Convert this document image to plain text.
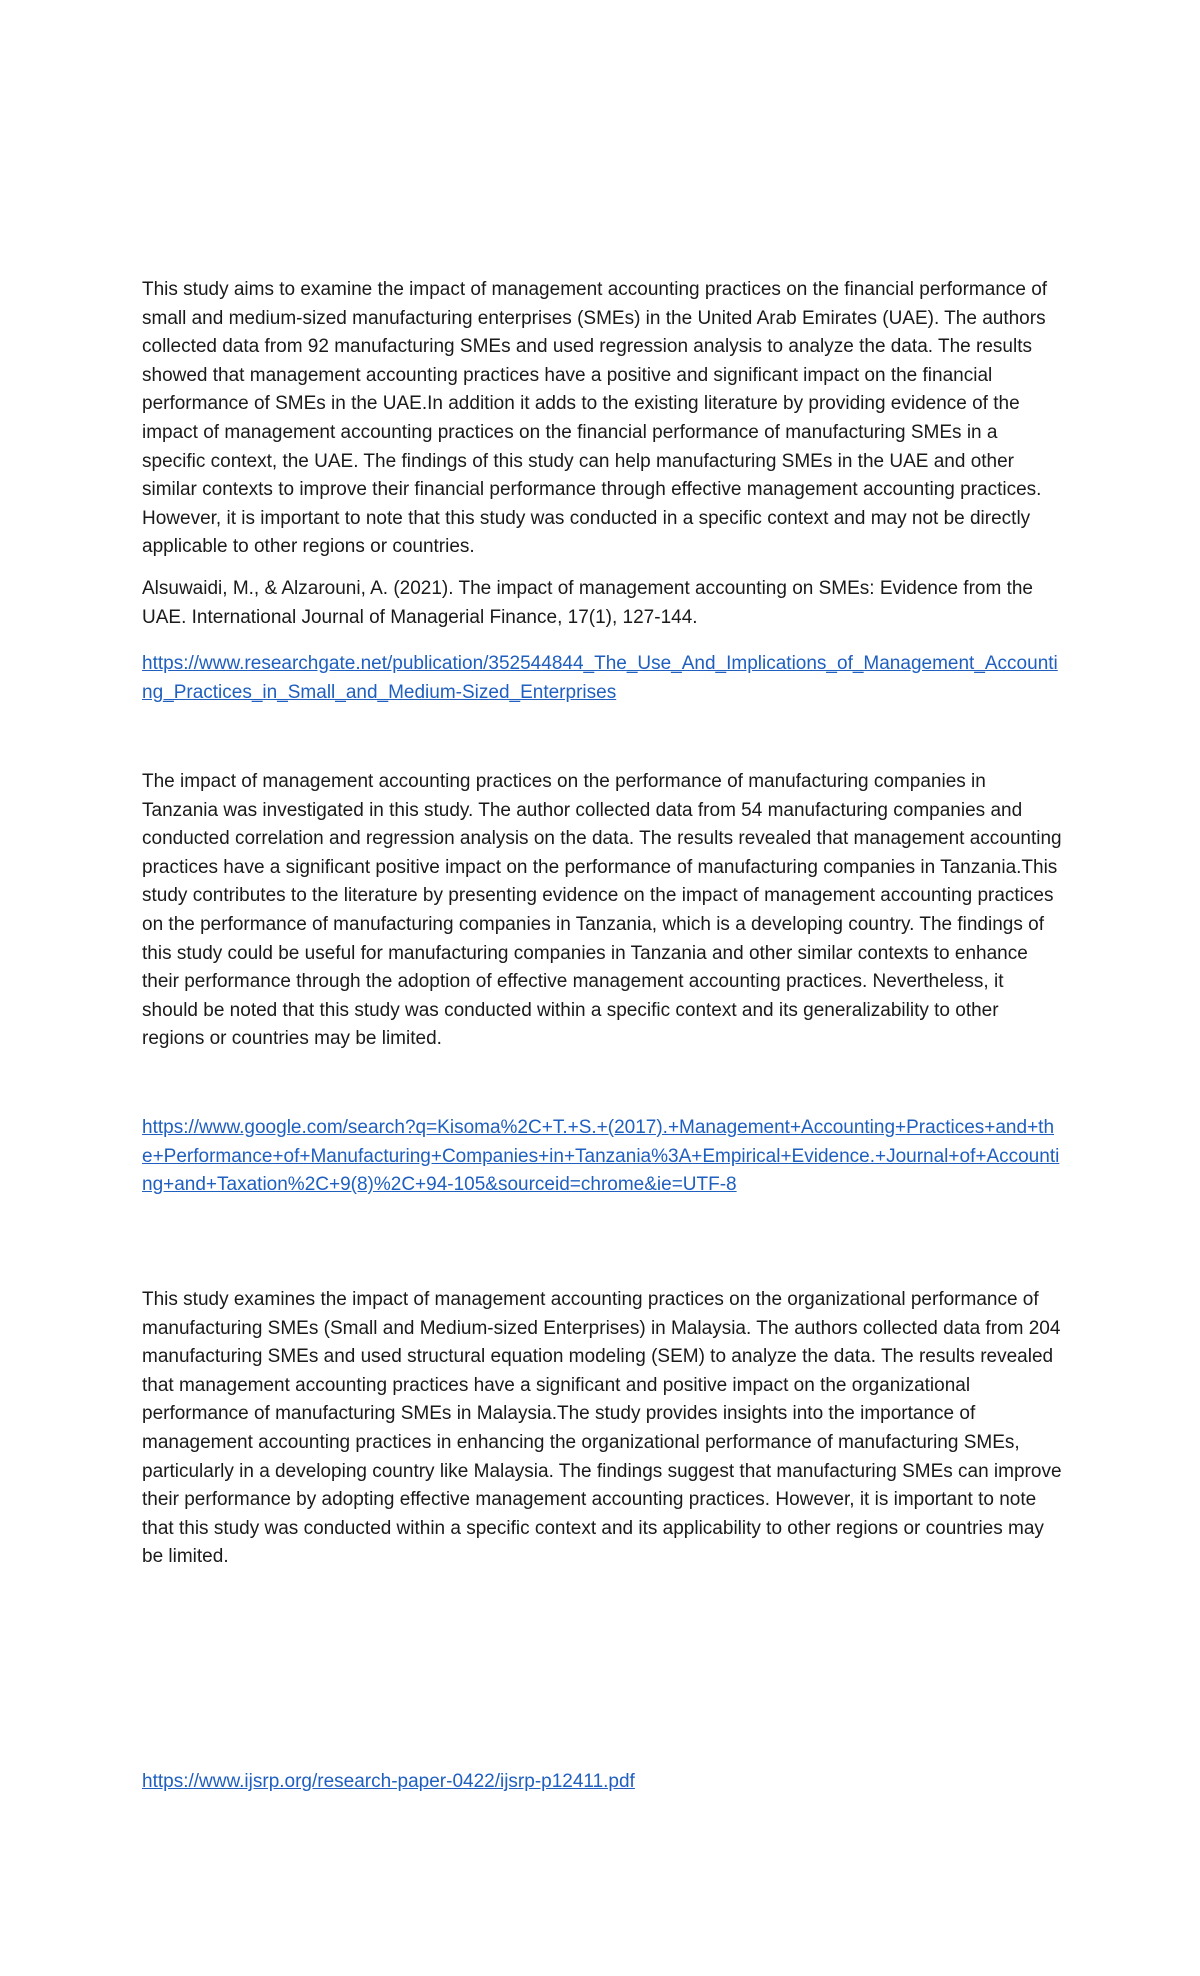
This study aims to examine the impact of management accounting practices on the financial performance of small and medium-sized manufacturing enterprises (SMEs) in the United Arab Emirates (UAE). The authors collected data from 92 manufacturing SMEs and used regression analysis to analyze the data. The results showed that management accounting practices have a positive and significant impact on the financial performance of SMEs in the UAE.In addition it adds to the existing literature by providing evidence of the impact of management accounting practices on the financial performance of manufacturing SMEs in a specific context, the UAE. The findings of this study can help manufacturing SMEs in the UAE and other similar contexts to improve their financial performance through effective management accounting practices. However, it is important to note that this study was conducted in a specific context and may not be directly applicable to other regions or countries.

Alsuwaidi, M., & Alzarouni, A. (2021). The impact of management accounting on SMEs: Evidence from the UAE. International Journal of Managerial Finance, 17(1), 127-144.

https://www.researchgate.net/publication/352544844_The_Use_And_Implications_of_Management_Accounting_Practices_in_Small_and_Medium-Sized_Enterprises

The impact of management accounting practices on the performance of manufacturing companies in Tanzania was investigated in this study. The author collected data from 54 manufacturing companies and conducted correlation and regression analysis on the data. The results revealed that management accounting practices have a significant positive impact on the performance of manufacturing companies in Tanzania.This study contributes to the literature by presenting evidence on the impact of management accounting practices on the performance of manufacturing companies in Tanzania, which is a developing country. The findings of this study could be useful for manufacturing companies in Tanzania and other similar contexts to enhance their performance through the adoption of effective management accounting practices. Nevertheless, it should be noted that this study was conducted within a specific context and its generalizability to other regions or countries may be limited.

https://www.google.com/search?q=Kisoma%2C+T.+S.+(2017).+Management+Accounting+Practices+and+the+Performance+of+Manufacturing+Companies+in+Tanzania%3A+Empirical+Evidence.+Journal+of+Accounting+and+Taxation%2C+9(8)%2C+94-105&sourceid=chrome&ie=UTF-8

This study examines the impact of management accounting practices on the organizational performance of manufacturing SMEs (Small and Medium-sized Enterprises) in Malaysia. The authors collected data from 204 manufacturing SMEs and used structural equation modeling (SEM) to analyze the data. The results revealed that management accounting practices have a significant and positive impact on the organizational performance of manufacturing SMEs in Malaysia.The study provides insights into the importance of management accounting practices in enhancing the organizational performance of manufacturing SMEs, particularly in a developing country like Malaysia. The findings suggest that manufacturing SMEs can improve their performance by adopting effective management accounting practices. However, it is important to note that this study was conducted within a specific context and its applicability to other regions or countries may be limited.

https://www.ijsrp.org/research-paper-0422/ijsrp-p12411.pdf
